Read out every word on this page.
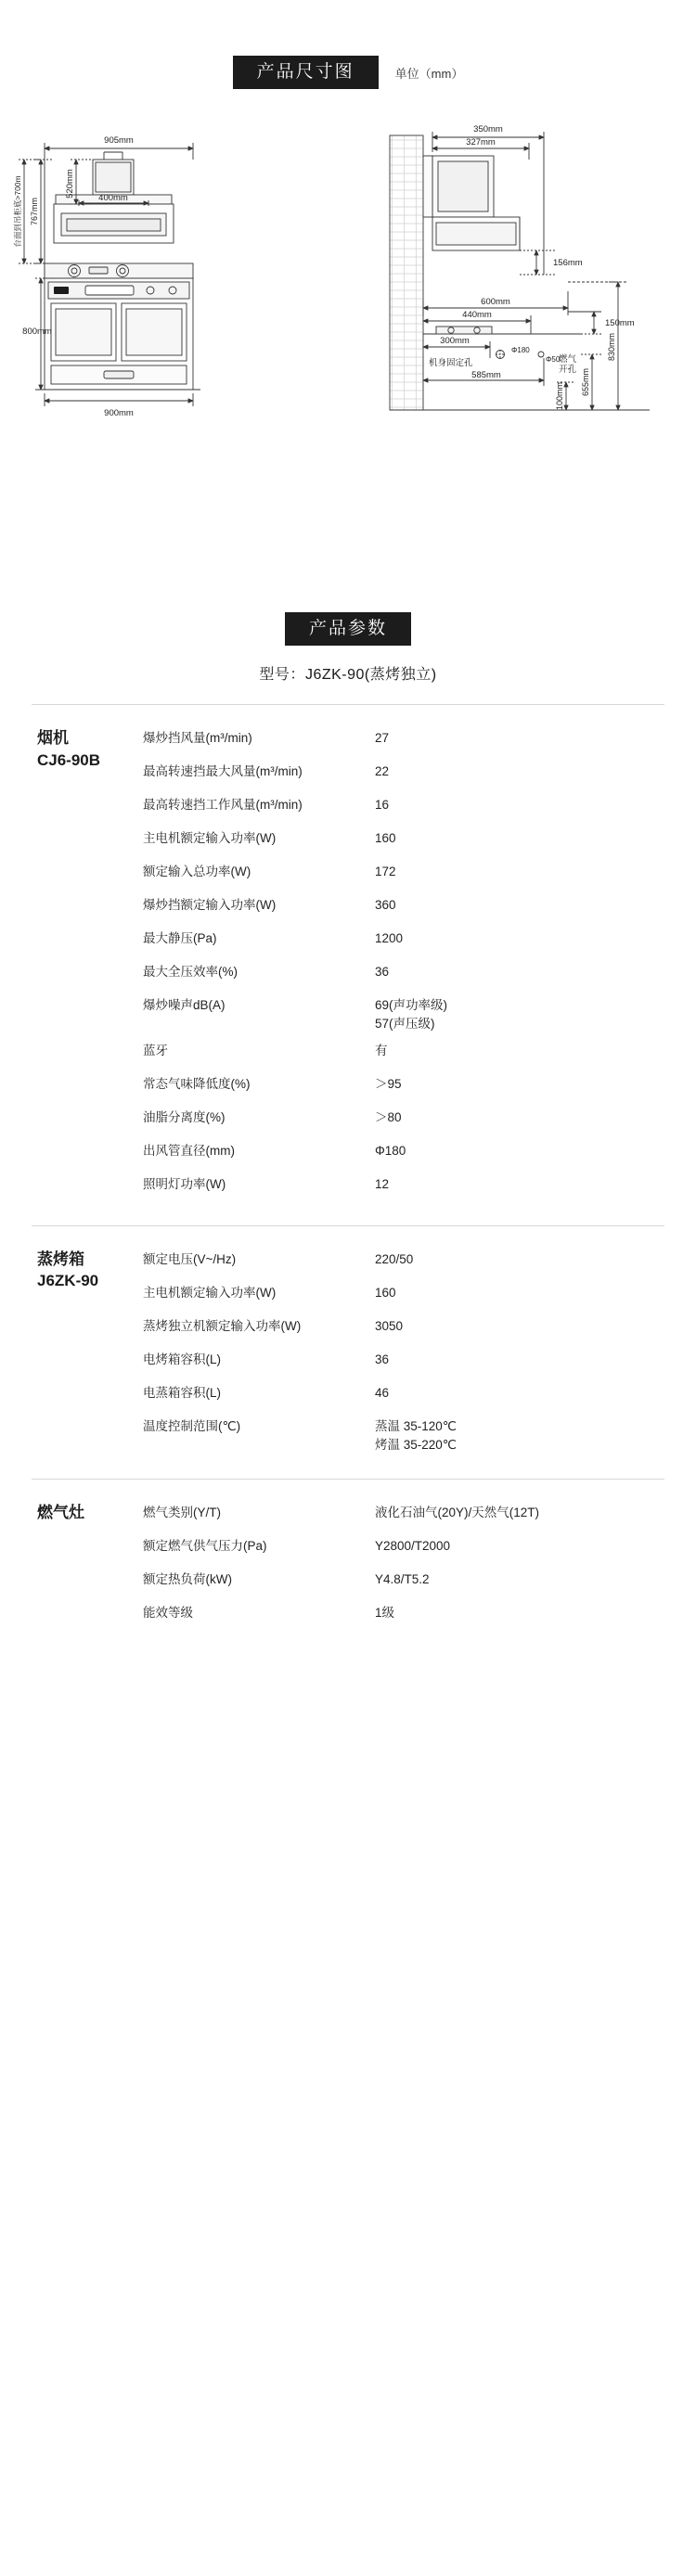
产品尺寸图	单位（mm）
905mm
520mm	400mm
台面到吊柜底>700m 767mm
800mm
900mm
350mm
327mm
156mm
600mm
440mm
150mm
300mm
Φ180
Φ50
机身固定孔	燃气
开孔
585mm
100mm 655mm
830mm
产品参数
型号：J6ZK-90(蒸烤独立)
烟机
CJ6-90B
爆炒挡风量(m³/min)	27
最高转速挡最大风量(m³/min)	22
最高转速挡工作风量(m³/min)	16
主电机额定输入功率(W)	160
额定输入总功率(W)	172
爆炒挡额定输入功率(W)	360
最大静压(Pa)	1200
最大全压效率(%)	36
爆炒噪声dB(A)	69(声功率级)
57(声压级)
蓝牙	有
常态气味降低度(%)	＞95
油脂分离度(%)	＞80
出风管直径(mm)	Φ180
照明灯功率(W)	12
蒸烤箱
J6ZK-90
额定电压(V~/Hz)	220/50
主电机额定输入功率(W)	160
蒸烤独立机额定输入功率(W)	3050
电烤箱容积(L)	36
电蒸箱容积(L)	46
温度控制范围(℃)	蒸温 35-120℃
烤温 35-220℃
燃气灶	燃气类别(Y/T)	液化石油气(20Y)/天然气(12T)
额定燃气供气压力(Pa)	Y2800/T2000
额定热负荷(kW)	Y4.8/T5.2
能效等级	1级
